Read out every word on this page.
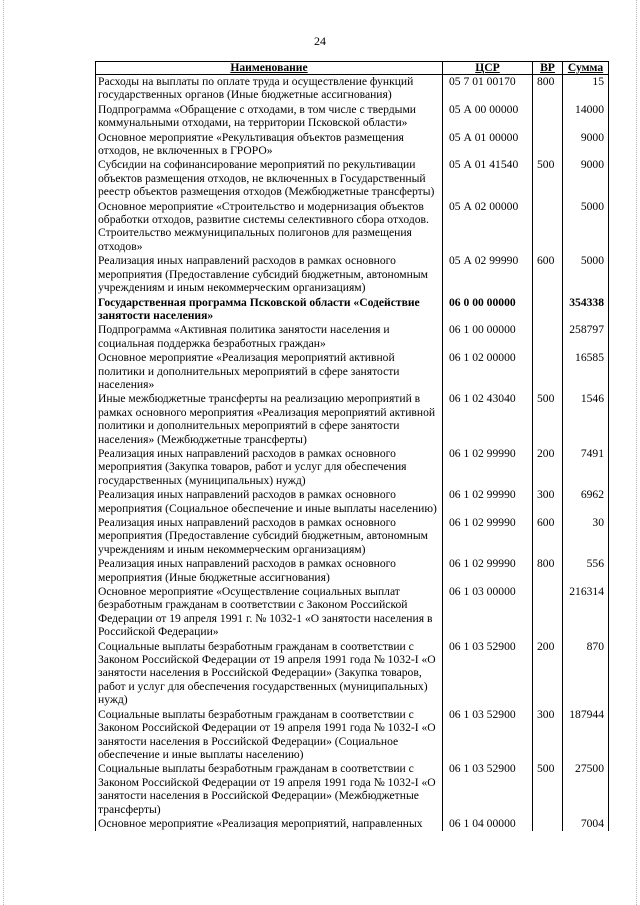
24
Наименование	ЦСР	ВР	Сумма
Расходы на выплаты по оплате труда и осуществление функций государственных органов (Иные бюджетные ассигнования)	05 7 01 00170	800	15
Подпрограмма «Обращение с отходами, в том числе с твердыми коммунальными отходами, на территории Псковской области»	05 А 00 00000		14000
Основное мероприятие «Рекультивация объектов размещения отходов, не включенных в ГРОРО»	05 А 01 00000		9000
Субсидии на софинансирование мероприятий по рекультивации объектов размещения отходов, не включенных в Государственный реестр объектов размещения отходов (Межбюджетные трансферты)	05 А 01 41540	500	9000
Основное мероприятие «Строительство и модернизация объектов обработки отходов, развитие системы селективного сбора отходов. Строительство межмуниципальных полигонов для размещения отходов»	05 А 02 00000		5000
Реализация иных направлений расходов в рамках основного мероприятия (Предоставление субсидий бюджетным, автономным учреждениям и иным некоммерческим организациям)	05 А 02 99990	600	5000
Государственная программа Псковской области «Содействие занятости населения»	06 0 00 00000		354338
Подпрограмма «Активная политика занятости населения и социальная поддержка безработных граждан»	06 1 00 00000		258797
Основное мероприятие «Реализация мероприятий активной политики и дополнительных мероприятий в сфере занятости населения»	06 1 02 00000		16585
Иные межбюджетные трансферты на реализацию мероприятий в рамках основного мероприятия «Реализация мероприятий активной политики и дополнительных мероприятий в сфере занятости населения» (Межбюджетные трансферты)	06 1 02 43040	500	1546
Реализация иных направлений расходов в рамках основного мероприятия (Закупка товаров, работ и услуг для обеспечения государственных (муниципальных) нужд)	06 1 02 99990	200	7491
Реализация иных направлений расходов в рамках основного мероприятия (Социальное обеспечение и иные выплаты населению)	06 1 02 99990	300	6962
Реализация иных направлений расходов в рамках основного мероприятия (Предоставление субсидий бюджетным, автономным учреждениям и иным некоммерческим организациям)	06 1 02 99990	600	30
Реализация иных направлений расходов в рамках основного мероприятия (Иные бюджетные ассигнования)	06 1 02 99990	800	556
Основное мероприятие «Осуществление социальных выплат безработным гражданам в соответствии с Законом Российской Федерации от 19 апреля 1991 г. № 1032-1 «О занятости населения в Российской Федерации»	06 1 03 00000		216314
Социальные выплаты безработным гражданам в соответствии с Законом Российской Федерации от 19 апреля 1991 года № 1032-I «О занятости населения в Российской Федерации» (Закупка товаров, работ и услуг для обеспечения государственных (муниципальных) нужд)	06 1 03 52900	200	870
Социальные выплаты безработным гражданам в соответствии с Законом Российской Федерации от 19 апреля 1991 года № 1032-I «О занятости населения в Российской Федерации» (Социальное обеспечение и иные выплаты населению)	06 1 03 52900	300	187944
Социальные выплаты безработным гражданам в соответствии с Законом Российской Федерации от 19 апреля 1991 года № 1032-I «О занятости населения в Российской Федерации» (Межбюджетные трансферты)	06 1 03 52900	500	27500
Основное мероприятие «Реализация мероприятий, направленных	06 1 04 00000		7004
